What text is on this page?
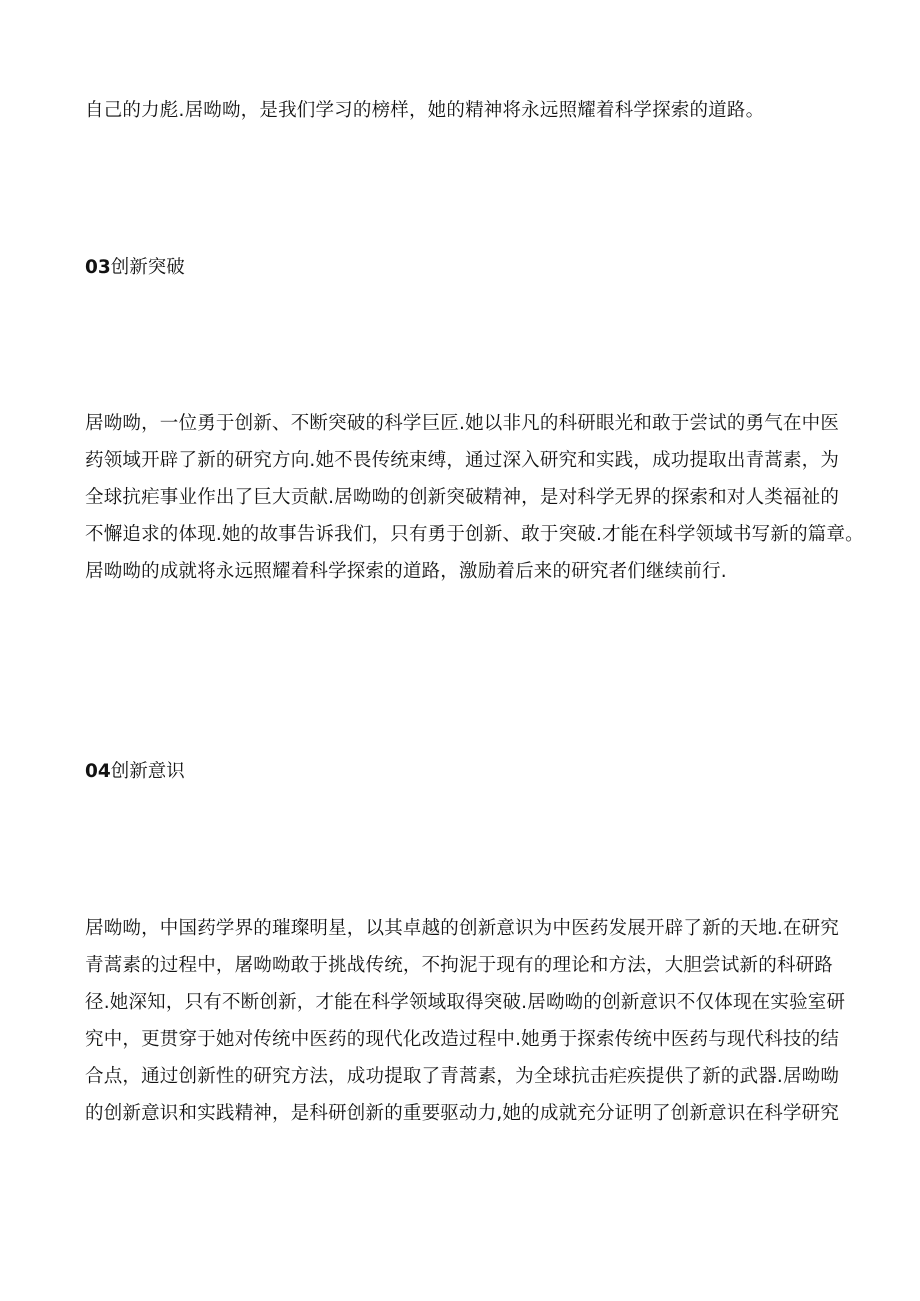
自己的力彪.居呦呦，是我们学习的榜样，她的精神将永远照耀着科学探索的道路。

03创新突破

居呦呦，一位勇于创新、不断突破的科学巨匠.她以非凡的科研眼光和敢于尝试的勇气在中医
药领域开辟了新的研究方向.她不畏传统束缚，通过深入研究和实践，成功提取出青蒿素，为
全球抗疟事业作出了巨大贡献.居呦呦的创新突破精神，是对科学无界的探索和对人类福祉的
不懈追求的体现.她的故事告诉我们，只有勇于创新、敢于突破.才能在科学领域书写新的篇章。
居呦呦的成就将永远照耀着科学探索的道路，激励着后来的研究者们继续前行.

04创新意识

居呦呦，中国药学界的璀璨明星，以其卓越的创新意识为中医药发展开辟了新的天地.在研究
青蒿素的过程中，屠呦呦敢于挑战传统，不拘泥于现有的理论和方法，大胆尝试新的科研路
径.她深知，只有不断创新，才能在科学领域取得突破.居呦呦的创新意识不仅体现在实验室研
究中，更贯穿于她对传统中医药的现代化改造过程中.她勇于探索传统中医药与现代科技的结
合点，通过创新性的研究方法，成功提取了青蒿素，为全球抗击疟疾提供了新的武器.居呦呦
的创新意识和实践精神，是科研创新的重要驱动力,她的成就充分证明了创新意识在科学研究
